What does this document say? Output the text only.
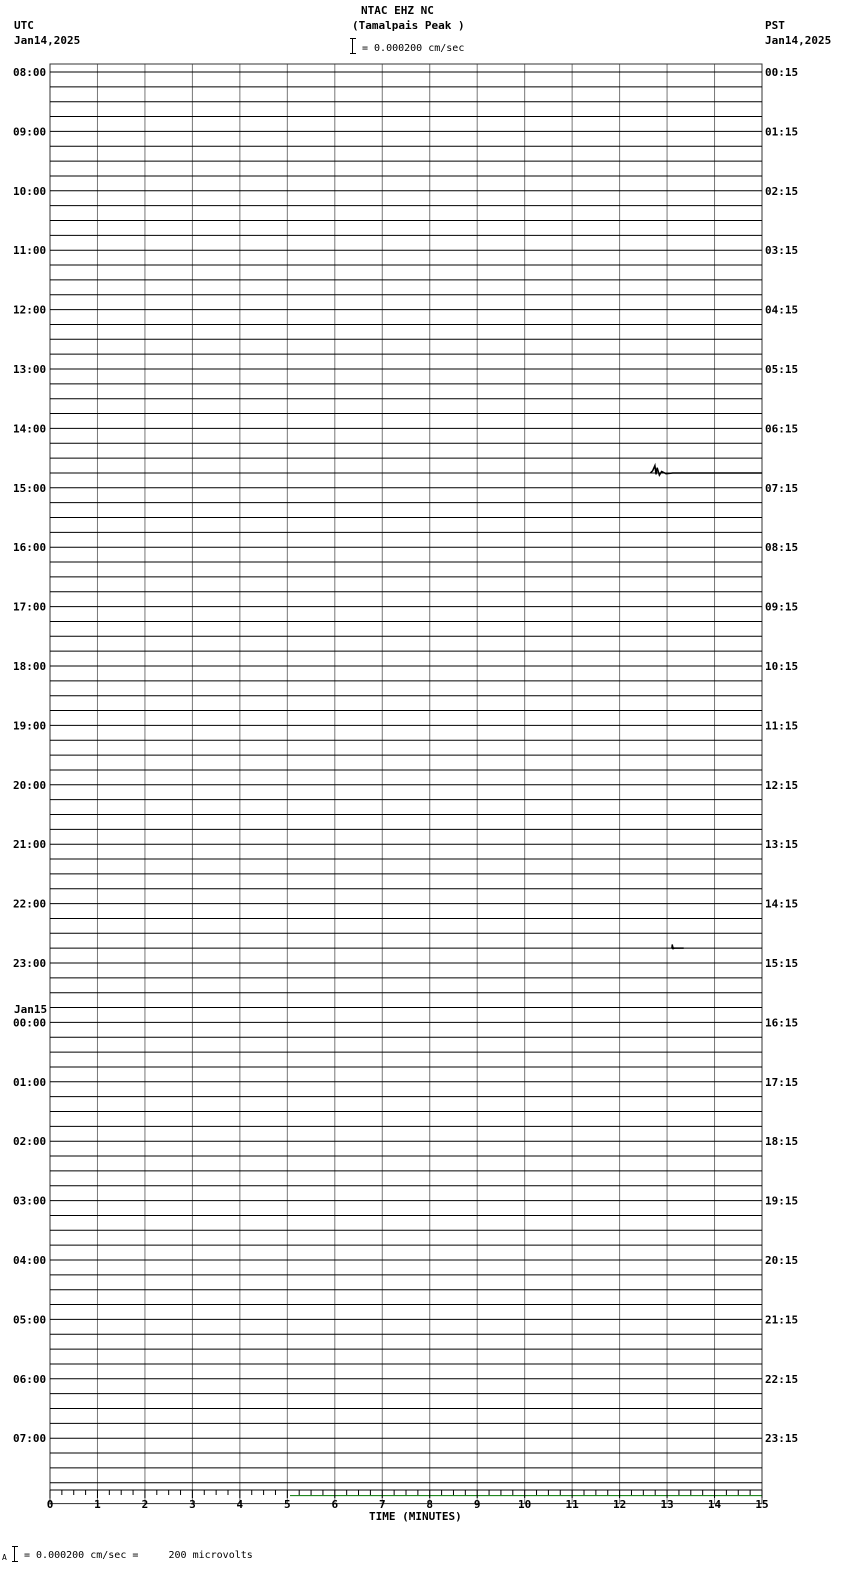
NTAC EHZ NC
(Tamalpais Peak )
= 0.000200 cm/sec
UTC
Jan14,2025
PST
Jan14,2025
Jan15
08:00
09:00
10:00
11:00
12:00
13:00
14:00
15:00
16:00
17:00
18:00
19:00
20:00
21:00
22:00
23:00
00:00
01:00
02:00
03:00
04:00
05:00
06:00
07:00
00:15
01:15
02:15
03:15
04:15
05:15
06:15
07:15
08:15
09:15
10:15
11:15
12:15
13:15
14:15
15:15
16:15
17:15
18:15
19:15
20:15
21:15
22:15
23:15
0	1	2	3	4	5	6	7	8	9	10	11	12	13	14	15
TIME (MINUTES)
A = 0.000200 cm/sec =     200 microvolts
